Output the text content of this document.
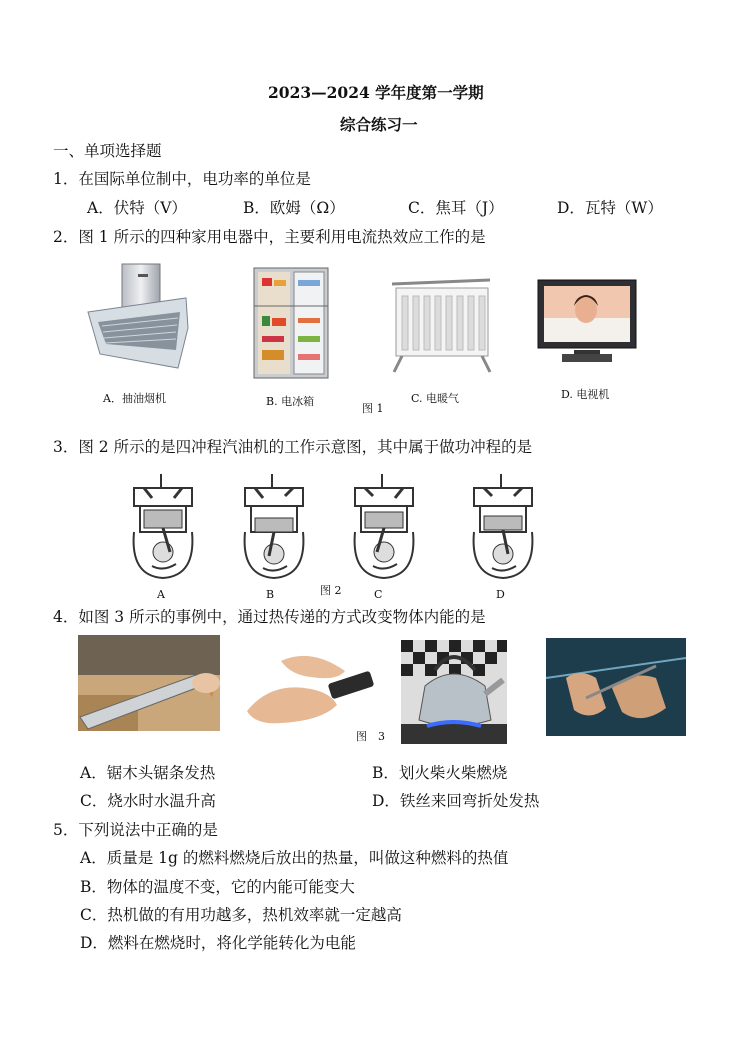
2023—2024 学年度第一学期
综合练习一
一、单项选择题
1．在国际单位制中，电功率的单位是
A．伏特（V）	B．欧姆（Ω）	C．焦耳（J）	D．瓦特（W）
2．图 1 所示的四种家用电器中，主要利用电流热效应工作的是
A．抽油烟机	B. 电冰箱
图 1
C. 电暖气	D. 电视机
3．图 2 所示的是四冲程汽油机的工作示意图，其中属于做功冲程的是
A	B	图 2	C	D
4．如图 3 所示的事例中，通过热传递的方式改变物体内能的是
图　3
A．锯木头锯条发热	B．划火柴火柴燃烧
C．烧水时水温升高	D．铁丝来回弯折处发热
5．下列说法中正确的是
A．质量是 1g 的燃料燃烧后放出的热量，叫做这种燃料的热值
B．物体的温度不变，它的内能可能变大
C．热机做的有用功越多，热机效率就一定越高
D．燃料在燃烧时，将化学能转化为电能
